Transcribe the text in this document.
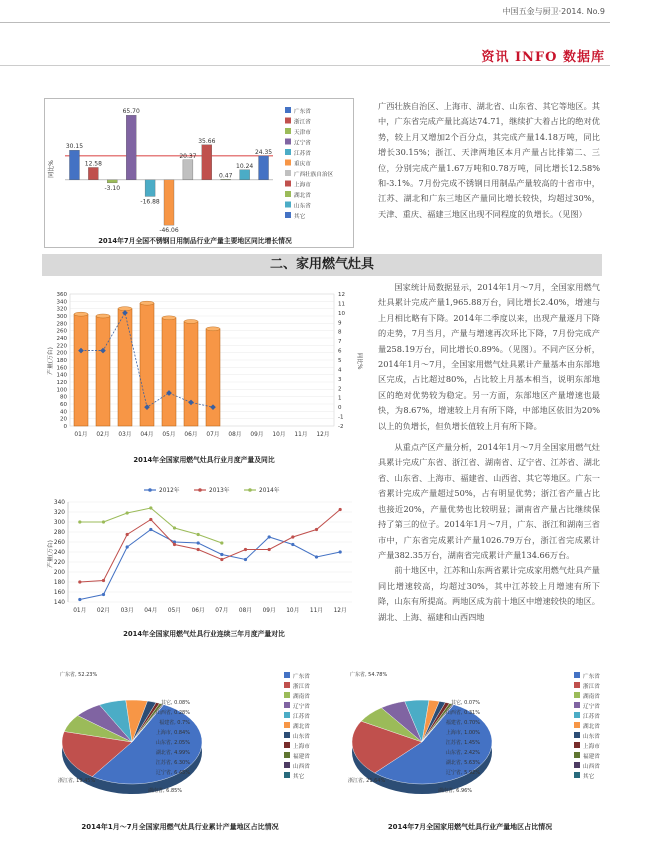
中国五金与厨卫·2014. No.9
资讯 INFO 数据库
30.15
12.58
-3.10
65.70
-16.88
-46.06
20.37
35.66
0.47
10.24
24.35
同比%
广东省
浙江省
天津市
辽宁省
江苏省
重庆市
广西壮族自治区
上海市
湖北省
山东省
其它
2014年7月全国不锈钢日用制品行业产量主要地区同比增长情况
广西壮族自治区、上海市、湖北省、山东省、其它等地区。其中，广东省完成产量比高达74.71，继续扩大着占比的绝对优势，较上月又增加2个百分点，其完成产量14.18万吨，同比增长30.15%；浙江、天津两地区本月产量占比排第二、三位，分别完成产量1.67万吨和0.78万吨，同比增长12.58%和-3.1%。7月份完成不锈钢日用制品产量较高的十省市中，江苏、湖北和广东三地区产量同比增长较快，均超过30%，天津、重庆、福建三地区出现不同程度的负增长。（见图）
二、家用燃气灶具
0
20
40
60
80
100
120
140
160
180
200
220
240
260
280
300
320
340
360	12
11
10
9
8
7
6
5
4
3
2
1
0
-1
-2
01月 02月 03月 04月 05月 06月 07月 08月 09月 10月 11月 12月
产量(万台)	同比%
2014年全国家用燃气灶具行业月度产量及同比
2012年	2013年	2014年
140
160
180
200
220
240
260
280
300
320
340
01月 02月 03月 04月 05月 06月 07月 08月 09月 10月 11月 12月
产量(万台)
2014年全国家用燃气灶具行业连续三年月度产量对比

国家统计局数据显示，2014年1月～7月，全国家用燃气灶具累计完成产量1,965.88万台，同比增长2.40%，增速与上月相比略有下降。2014年二季度以来，出现产量逐月下降的走势，7月当月，产量与增速再次环比下降，7月份完成产量258.19万台，同比增长0.89%。（见图）。不同产区分析，2014年1月～7月，全国家用燃气灶具累计产量基本由东部地区完成，占比超过80%，占比较上月基本相当，说明东部地区的绝对优势较为稳定。另一方面，东部地区产量增速也最快，为8.67%，增速较上月有所下降，中部地区依旧为20%以上的负增长，但负增长值较上月有所下降。

从重点产区产量分析，2014年1月～7月全国家用燃气灶具累计完成广东省、浙江省、湖南省、辽宁省、江苏省、湖北省、山东省、上海市、福建省、山西省、其它等地区。广东一省累计完成产量超过50%，占有明显优势；浙江省产量占比也接近20%，产量优势也比较明显；湖南省产量占比继续保持了第三的位子。2014年1月～7月，广东、浙江和湖南三省市中，广东省完成累计产量1026.79万台，浙江省完成累计产量382.35万台，湖南省完成累计产量134.66万台。

前十地区中，江苏和山东两省累计完成家用燃气灶具产量同比增速较高，均超过30%，其中江苏较上月增速有所下降，山东有所提高。两地区成为前十地区中增速较快的地区。湖北、上海、福建和山西四地

广东省, 52.23%
浙江省, 19.45%
湖南省, 6.85%
辽宁省, 6.45%
江苏省, 6.30%
湖北省, 4.99%
山东省, 2.05%
上海市, 0.84%
福建省, 0.7%
山西省, 0.28%
其它, 0.08%
广东省
浙江省
湖南省
辽宁省
江苏省
湖北省
山东省
上海市
福建省
山西省
其它
广东省, 54.78%
浙江省, 21.64%
湖南省, 6.96%
辽宁省, 5.92%
湖北省, 5.63%
山东省, 2.42%
江苏省, 1.45%
上海市, 1.00%
福建省, 0.70%
山西省, 0.31%
其它, 0.07%
广东省
浙江省
湖南省
辽宁省
江苏省
湖北省
山东省
上海市
福建省
山西省
其它
2014年1月～7月全国家用燃气灶具行业累计产量地区占比情况	2014年7月全国家用燃气灶具行业产量地区占比情况
